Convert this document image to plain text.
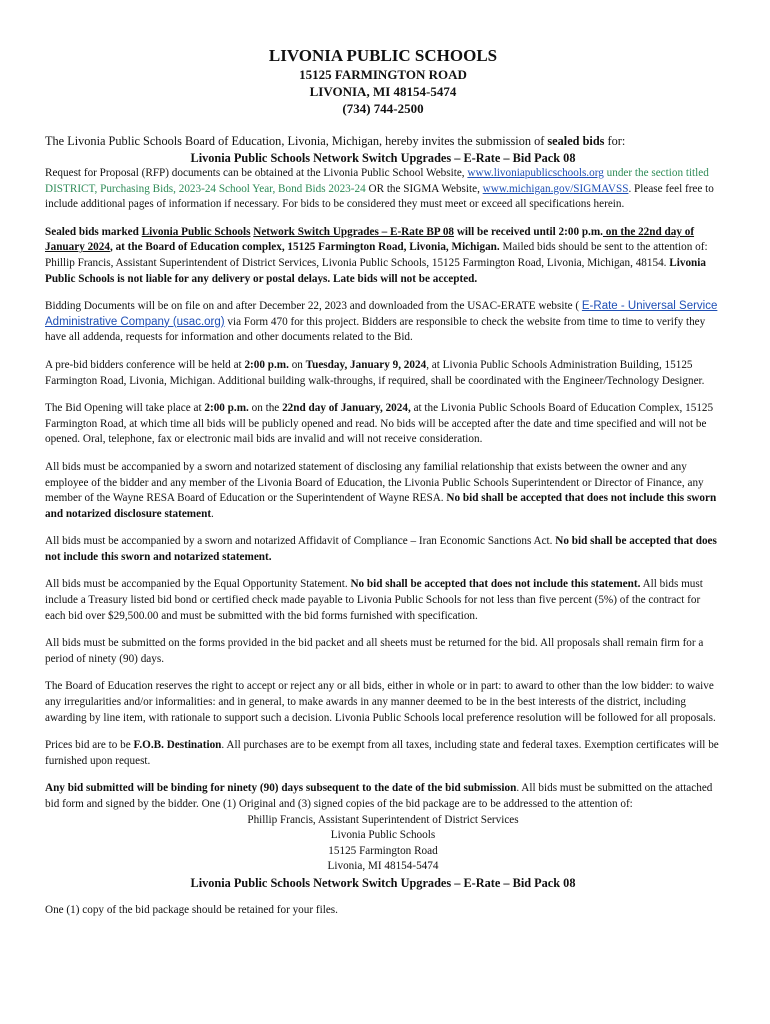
LIVONIA PUBLIC SCHOOLS
15125 FARMINGTON ROAD
LIVONIA, MI 48154-5474
(734) 744-2500

The Livonia Public Schools Board of Education, Livonia, Michigan, hereby invites the submission of sealed bids for:

Livonia Public Schools Network Switch Upgrades – E-Rate – Bid Pack 08

Request for Proposal (RFP) documents can be obtained at the Livonia Public School Website, www.livoniapublicschools.org under the section titled DISTRICT, Purchasing Bids, 2023-24 School Year, Bond Bids 2023-24 OR the SIGMA Website, www.michigan.gov/SIGMAVSS. Please feel free to include additional pages of information if necessary. For bids to be considered they must meet or exceed all specifications herein.

Sealed bids marked Livonia Public Schools Network Switch Upgrades – E-Rate BP 08 will be received until 2:00 p.m. on the 22nd day of January 2024, at the Board of Education complex, 15125 Farmington Road, Livonia, Michigan. Mailed bids should be sent to the attention of: Phillip Francis, Assistant Superintendent of District Services, Livonia Public Schools, 15125 Farmington Road, Livonia, Michigan, 48154. Livonia Public Schools is not liable for any delivery or postal delays. Late bids will not be accepted.

Bidding Documents will be on file on and after December 22, 2023 and downloaded from the USAC-ERATE website ( E-Rate - Universal Service Administrative Company (usac.org) via Form 470 for this project. Bidders are responsible to check the website from time to time to verify they have all addenda, requests for information and other documents related to the Bid.

A pre-bid bidders conference will be held at 2:00 p.m. on Tuesday, January 9, 2024, at Livonia Public Schools Administration Building, 15125 Farmington Road, Livonia, Michigan. Additional building walk-throughs, if required, shall be coordinated with the Engineer/Technology Designer.

The Bid Opening will take place at 2:00 p.m. on the 22nd day of January, 2024, at the Livonia Public Schools Board of Education Complex, 15125 Farmington Road, at which time all bids will be publicly opened and read. No bids will be accepted after the date and time specified and will not be opened. Oral, telephone, fax or electronic mail bids are invalid and will not receive consideration.

All bids must be accompanied by a sworn and notarized statement of disclosing any familial relationship that exists between the owner and any employee of the bidder and any member of the Livonia Board of Education, the Livonia Public Schools Superintendent or Director of Finance, any member of the Wayne RESA Board of Education or the Superintendent of Wayne RESA. No bid shall be accepted that does not include this sworn and notarized disclosure statement.

All bids must be accompanied by a sworn and notarized Affidavit of Compliance – Iran Economic Sanctions Act. No bid shall be accepted that does not include this sworn and notarized statement.

All bids must be accompanied by the Equal Opportunity Statement. No bid shall be accepted that does not include this statement. All bids must include a Treasury listed bid bond or certified check made payable to Livonia Public Schools for not less than five percent (5%) of the contract for each bid over $29,500.00 and must be submitted with the bid forms furnished with specification.

All bids must be submitted on the forms provided in the bid packet and all sheets must be returned for the bid. All proposals shall remain firm for a period of ninety (90) days.

The Board of Education reserves the right to accept or reject any or all bids, either in whole or in part: to award to other than the low bidder: to waive any irregularities and/or informalities: and in general, to make awards in any manner deemed to be in the best interests of the district, including awarding by line item, with rationale to support such a decision. Livonia Public Schools local preference resolution will be followed for all proposals.

Prices bid are to be F.O.B. Destination. All purchases are to be exempt from all taxes, including state and federal taxes. Exemption certificates will be furnished upon request.

Any bid submitted will be binding for ninety (90) days subsequent to the date of the bid submission. All bids must be submitted on the attached bid form and signed by the bidder. One (1) Original and (3) signed copies of the bid package are to be addressed to the attention of:

Phillip Francis, Assistant Superintendent of District Services

Livonia Public Schools

15125 Farmington Road

Livonia, MI 48154-5474

Livonia Public Schools Network Switch Upgrades – E-Rate – Bid Pack 08

One (1) copy of the bid package should be retained for your files.
